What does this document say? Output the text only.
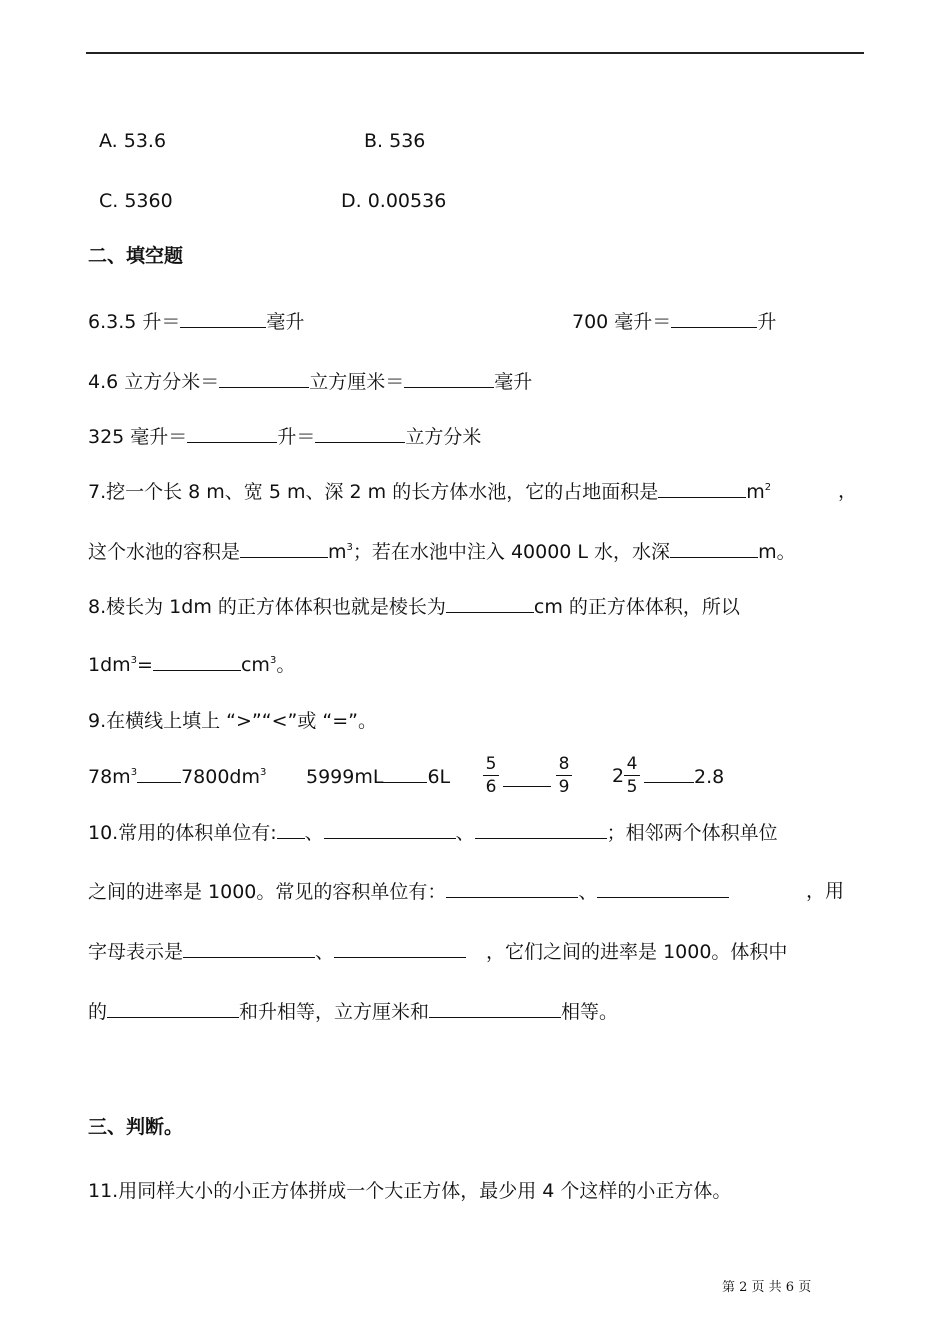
A. 53.6	B. 536
C. 5360	D. 0.00536
二、填空题
6.3.5 升＝	毫升	700 毫升＝	升
4.6 立方分米＝	立方厘米＝	毫升
325 毫升＝	升＝	立方分米
7.挖一个长 8 m、宽 5 m、深 2 m 的长方体水池，它的占地面积是	$m^2$	，
这个水池的容积是	$m^3$；若在水池中注入 40000 L 水，水深	m。
8.棱长为 1dm 的正方体体积也就是棱长为	cm 的正方体体积，所以
$1dm^3=$	$cm^3$。
9.在横线上填上 “>”“<”或 “=”。
$78m^3$ $7800dm^3$ 5999mL 6L
5
6
8
9 2
4
5	2.8
10.常用的体积单位有: 、	、	；相邻两个体积单位
之间的进率是 1000。常见的容积单位有：	、	，用
字母表示是	、	，它们之间的进率是 1000。体积中
的	和升相等，立方厘米和	相等。
三、判断。
11.用同样大小的小正方体拼成一个大正方体，最少用 4 个这样的小正方体。
第 2 页 共 6 页
